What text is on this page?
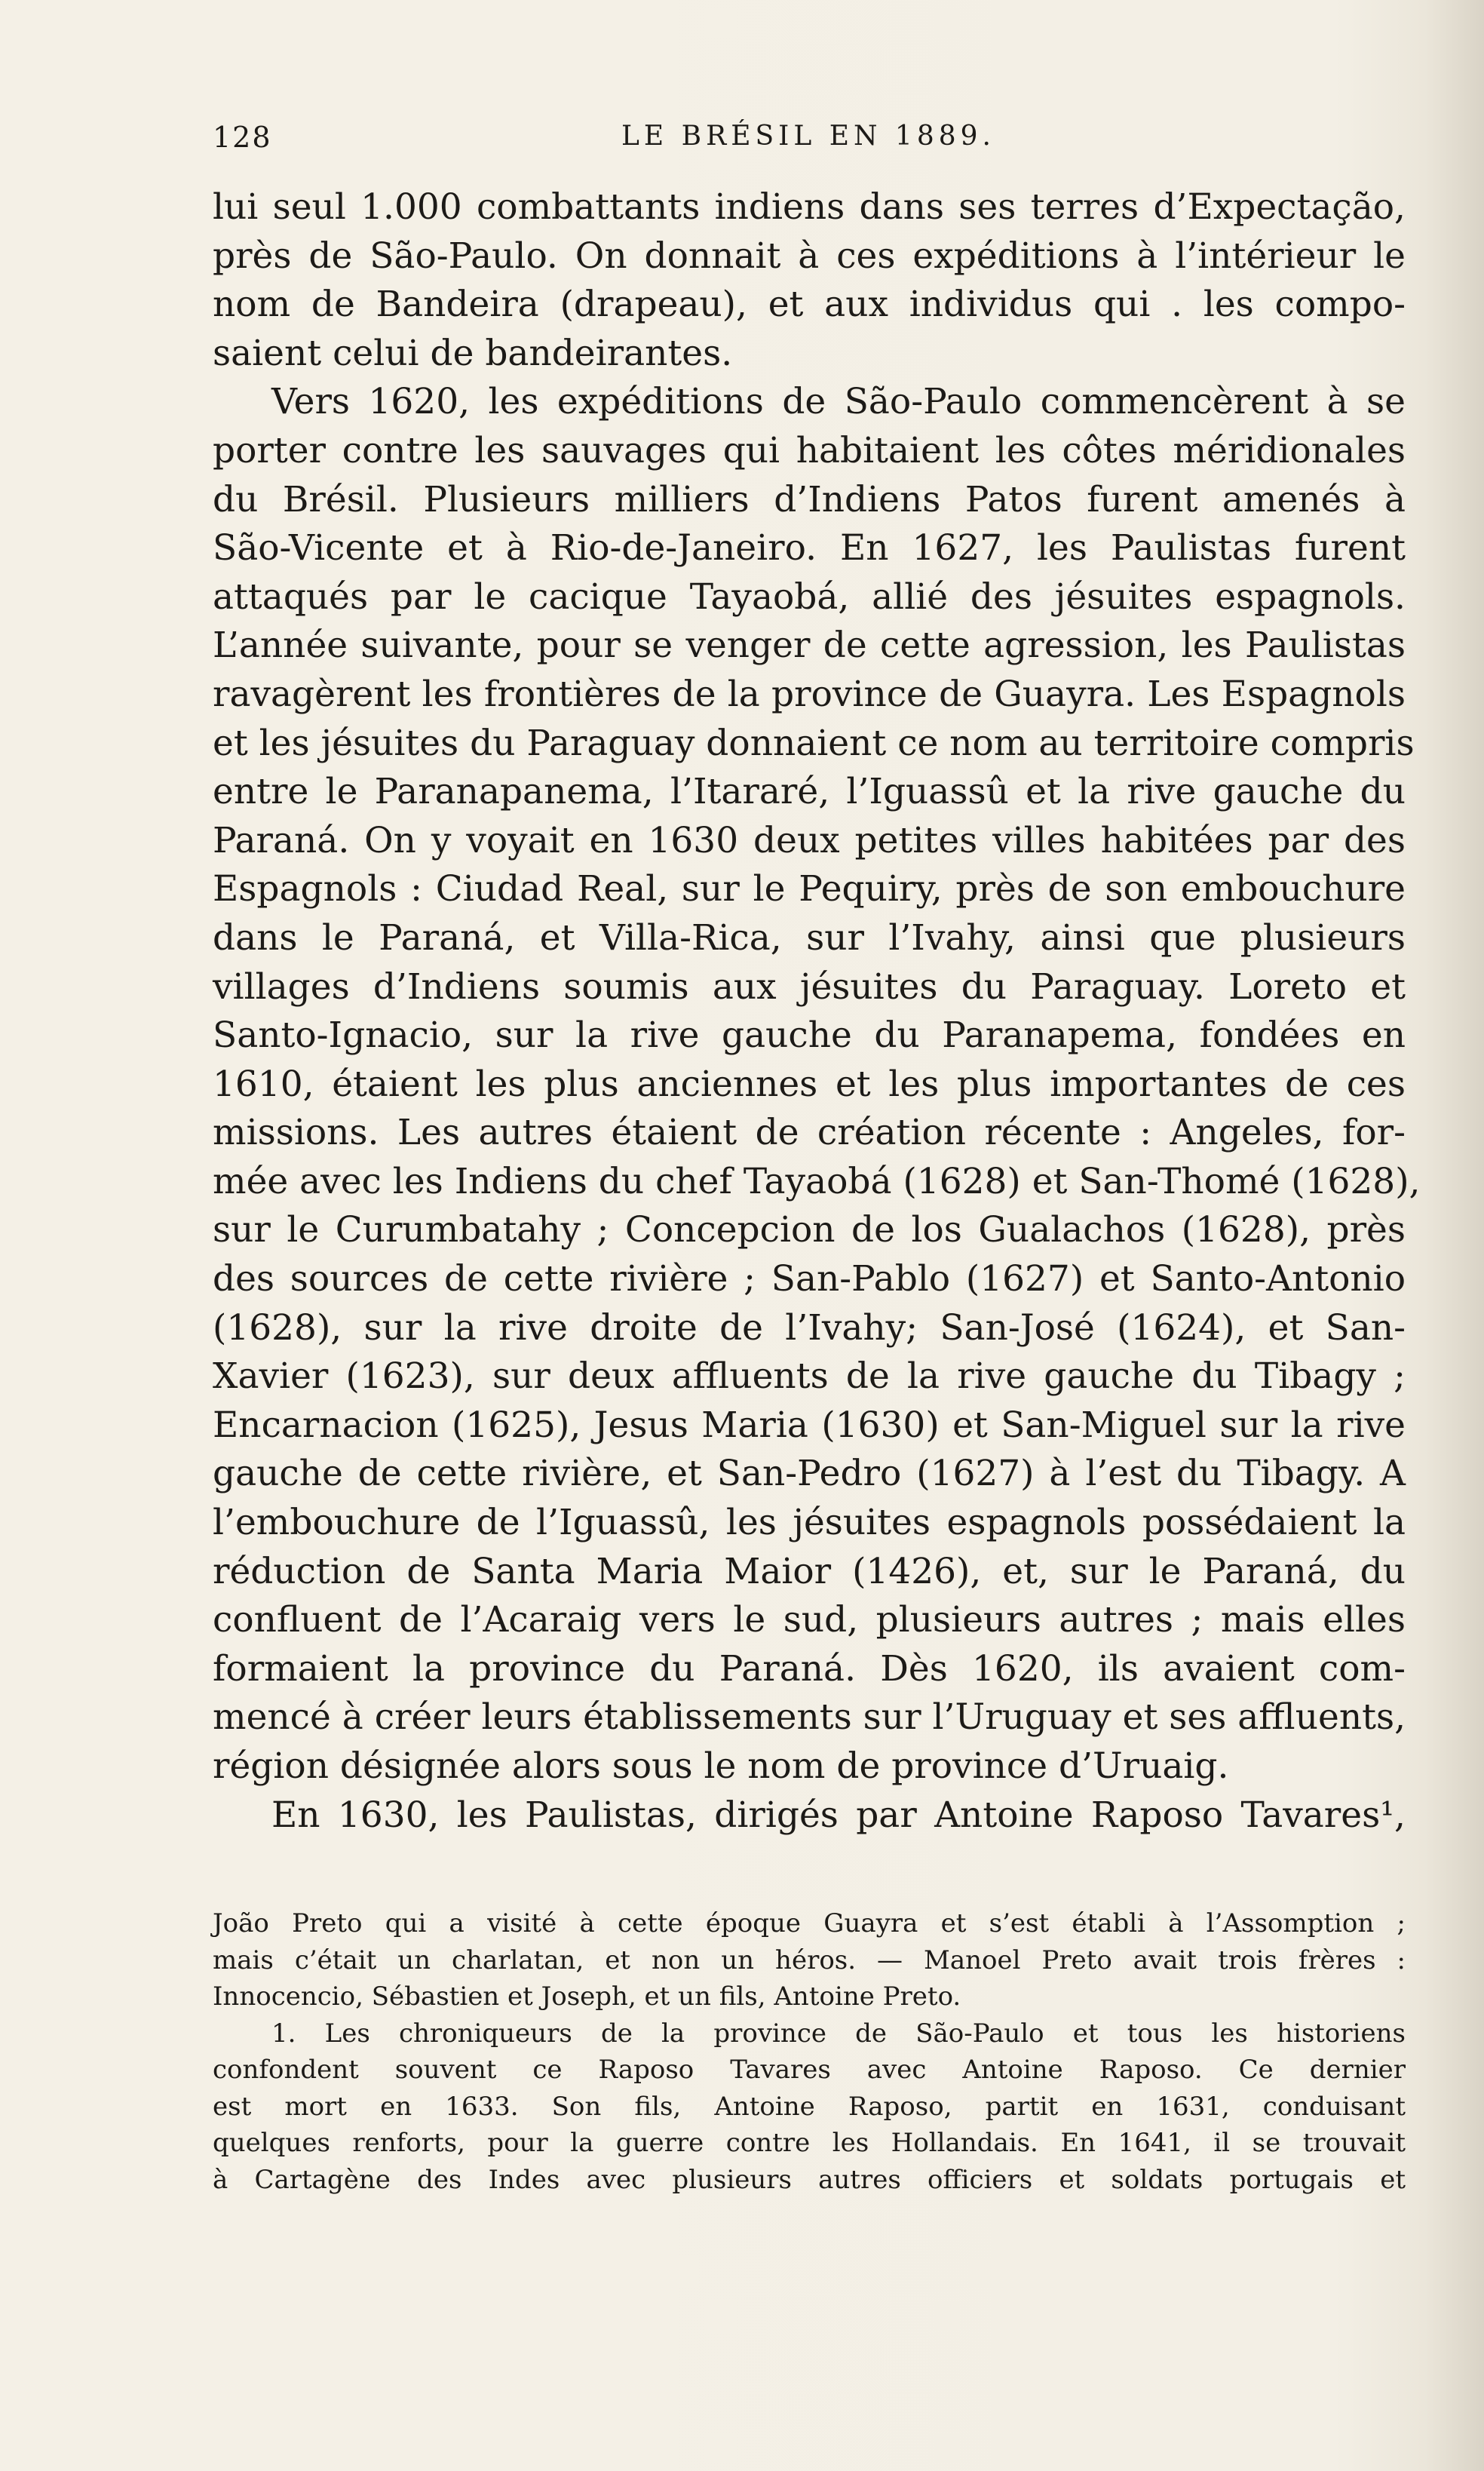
128	LE BRÉSIL EN 1889.
lui seul 1.000 combattants indiens dans ses terres d’Expectação,
près de São-Paulo. On donnait à ces expéditions à l’intérieur le
nom de Bandeira (drapeau), et aux individus qui . les compo-
saient celui de bandeirantes.
Vers 1620, les expéditions de São-Paulo commencèrent à se
porter contre les sauvages qui habitaient les côtes méridionales
du Brésil. Plusieurs milliers d’Indiens Patos furent amenés à
São-Vicente et à Rio-de-Janeiro. En 1627, les Paulistas furent
attaqués par le cacique Tayaobá, allié des jésuites espagnols.
L’année suivante, pour se venger de cette agression, les Paulistas
ravagèrent les frontières de la province de Guayra. Les Espagnols
et les jésuites du Paraguay donnaient ce nom au territoire compris
entre le Paranapanema, l’Itararé, l’Iguassû et la rive gauche du
Paraná. On y voyait en 1630 deux petites villes habitées par des
Espagnols : Ciudad Real, sur le Pequiry, près de son embouchure
dans le Paraná, et Villa-Rica, sur l’Ivahy, ainsi que plusieurs
villages d’Indiens soumis aux jésuites du Paraguay. Loreto et
Santo-Ignacio, sur la rive gauche du Paranapema, fondées en
1610, étaient les plus anciennes et les plus importantes de ces
missions. Les autres étaient de création récente : Angeles, for-
mée avec les Indiens du chef Tayaobá (1628) et San-Thomé (1628),
sur le Curumbatahy ; Concepcion de los Gualachos (1628), près
des sources de cette rivière ; San-Pablo (1627) et Santo-Antonio
(1628), sur la rive droite de l’Ivahy; San-José (1624), et San-
Xavier (1623), sur deux affluents de la rive gauche du Tibagy ;
Encarnacion (1625), Jesus Maria (1630) et San-Miguel sur la rive
gauche de cette rivière, et San-Pedro (1627) à l’est du Tibagy. A
l’embouchure de l’Iguassû, les jésuites espagnols possédaient la
réduction de Santa Maria Maior (1426), et, sur le Paraná, du
confluent de l’Acaraig vers le sud, plusieurs autres ; mais elles
formaient la province du Paraná. Dès 1620, ils avaient com-
mencé à créer leurs établissements sur l’Uruguay et ses affluents,
région désignée alors sous le nom de province d’Uruaig.
En 1630, les Paulistas, dirigés par Antoine Raposo Tavares¹,
João Preto qui a visité à cette époque Guayra et s’est établi à l’Assomption ;
mais c’était un charlatan, et non un héros. — Manoel Preto avait trois frères :
Innocencio, Sébastien et Joseph, et un fils, Antoine Preto.
1. Les chroniqueurs de la province de São-Paulo et tous les historiens
confondent souvent ce Raposo Tavares avec Antoine Raposo. Ce dernier
est mort en 1633. Son fils, Antoine Raposo, partit en 1631, conduisant
quelques renforts, pour la guerre contre les Hollandais. En 1641, il se trouvait
à Cartagène des Indes avec plusieurs autres officiers et soldats portugais et
